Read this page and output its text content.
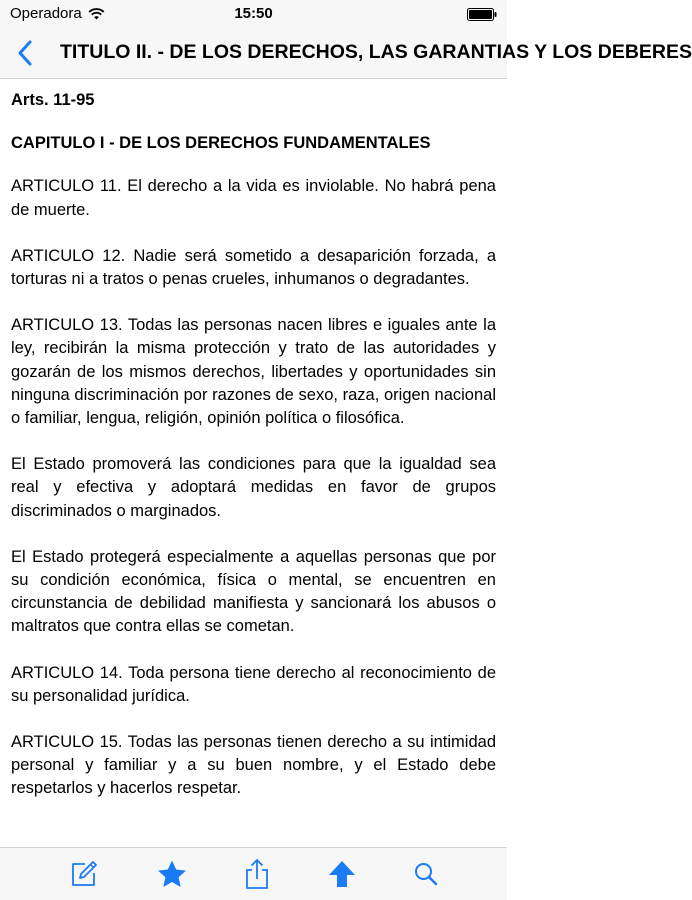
Operadora	15:50
TITULO II. - DE LOS DERECHOS, LAS GARANTIAS Y LOS DEBERES

Arts. 11-95

CAPITULO I - DE LOS DERECHOS FUNDAMENTALES

ARTICULO 11. El derecho a la vida es inviolable. No habrá pena de muerte.

ARTICULO 12. Nadie será sometido a desaparición forzada, a torturas ni a tratos o penas crueles, inhumanos o degradantes.

ARTICULO 13. Todas las personas nacen libres e iguales ante la ley, recibirán la misma protección y trato de las autoridades y gozarán de los mismos derechos, libertades y oportunidades sin ninguna discriminación por razones de sexo, raza, origen nacional o familiar, lengua, religión, opinión política o filosófica.

El Estado promoverá las condiciones para que la igualdad sea real y efectiva y adoptará medidas en favor de grupos discriminados o marginados.

El Estado protegerá especialmente a aquellas personas que por su condición económica, física o mental, se encuentren en circunstancia de debilidad manifiesta y sancionará los abusos o maltratos que contra ellas se cometan.

ARTICULO 14. Toda persona tiene derecho al reconocimiento de su personalidad jurídica.

ARTICULO 15. Todas las personas tienen derecho a su intimidad personal y familiar y a su buen nombre, y el Estado debe respetarlos y hacerlos respetar.
